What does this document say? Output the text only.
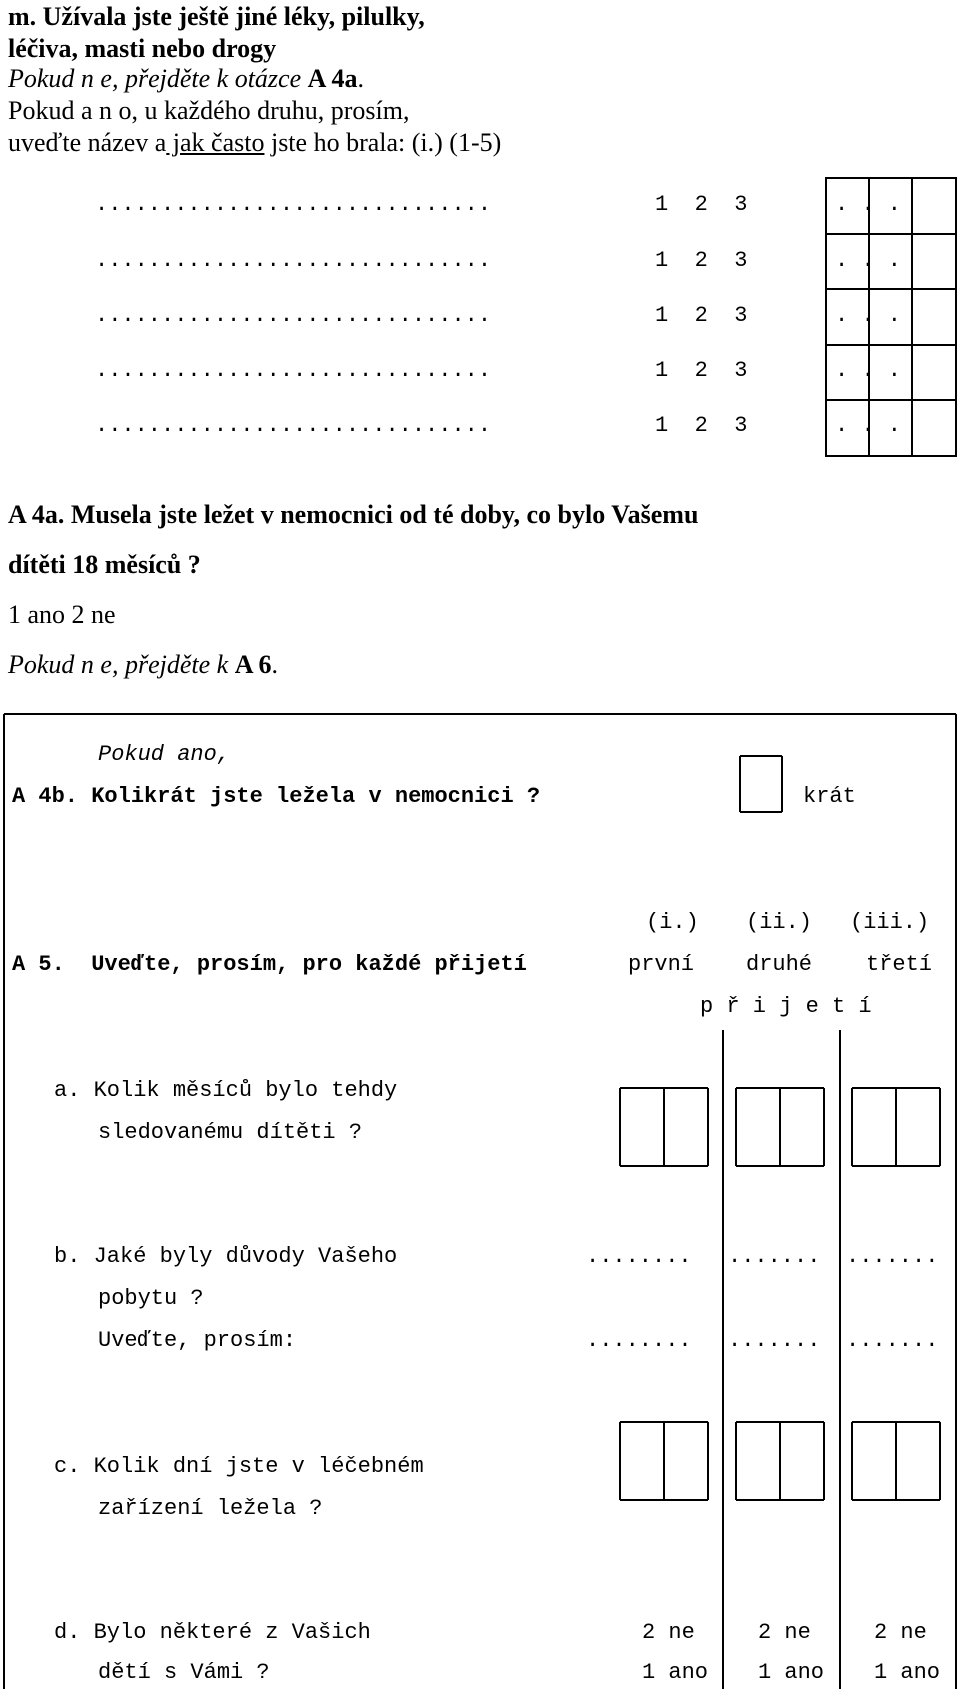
m. Užívala jste ještě jiné léky, pilulky,
léčiva, masti nebo drogy
Pokud n e, přejděte k otázce A 4a.
Pokud a n o, u každého druhu, prosím,
uveďte název a jak často jste ho brala: (i.) (1-5)
..............................	1  2  3	. . .
..............................	1  2  3	. . .
..............................	1  2  3	. . .
..............................	1  2  3	. . .
..............................	1  2  3	. . .
A 4a. Musela jste ležet v nemocnici od té doby, co bylo Vašemu
dítěti 18 měsíců ?
1 ano 2 ne
Pokud n e, přejděte k A 6.
Pokud ano,
A 4b. Kolikrát jste ležela v nemocnici ?	krát
(i.) (ii.) (iii.)
A 5.  Uveďte, prosím, pro každé přijetí	první druhé třetí
p ř i j e t í
a. Kolik měsíců bylo tehdy
sledovanému dítěti ?
b. Jaké byly důvody Vašeho
pobytu ?
Uveďte, prosím:
........ ....... .......
........ ....... .......
c. Kolik dní jste v léčebném
zařízení ležela ?
d. Bylo některé z Vašich
dětí s Vámi ?
2 ne	2 ne	2 ne
1 ano 1 ano 1 ano
